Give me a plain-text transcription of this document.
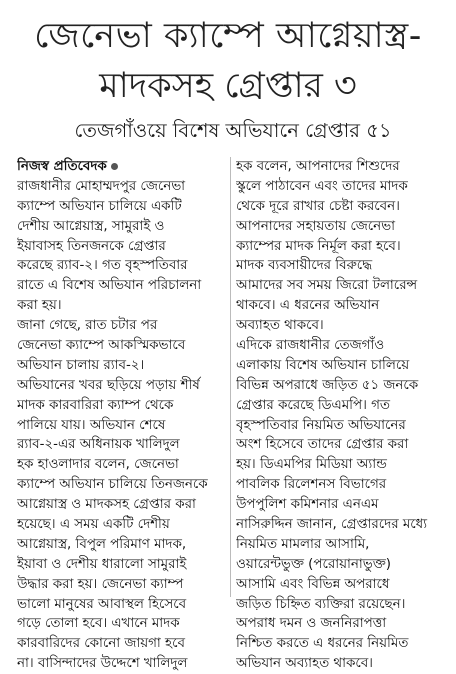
জেনেভা ক্যাম্পে আগ্নেয়াস্ত্র-
মাদকসহ গ্রেপ্তার ৩
তেজগাঁওয়ে বিশেষ অভিযানে গ্রেপ্তার ৫১
নিজস্ব প্রতিবেদক
রাজধানীর মোহাম্মদপুর জেনেভা
ক্যাম্পে অভিযান চালিয়ে একটি
দেশীয় আগ্নেয়াস্ত্র, সামুরাই ও
ইয়াবাসহ তিনজনকে গ্রেপ্তার
করেছে র‍্যাব-২। গত বৃহস্পতিবার
রাতে এ বিশেষ অভিযান পরিচালনা
করা হয়।
জানা গেছে, রাত চটার পর
জেনেভা ক্যাম্পে আকস্মিকভাবে
অভিযান চালায় র‍্যাব-২।
অভিযানের খবর ছড়িয়ে পড়ায় শীর্ষ
মাদক কারবারিরা ক্যাম্প থেকে
পালিয়ে যায়। অভিযান শেষে
র‍্যাব-২-এর অধিনায়ক খালিদুল
হক হাওলাদার বলেন, জেনেভা
ক্যাম্পে অভিযান চালিয়ে তিনজনকে
আগ্নেয়াস্ত্র ও মাদকসহ গ্রেপ্তার করা
হয়েছে। এ সময় একটি দেশীয়
আগ্নেয়াস্ত্র, বিপুল পরিমাণ মাদক,
ইয়াবা ও দেশীয় ধারালো সামুরাই
উদ্ধার করা হয়। জেনেভা ক্যাম্প
ভালো মানুষের আবাস্থল হিসেবে
গড়ে তোলা হবে। এখানে মাদক
কারবারিদের কোনো জায়গা হবে
না। বাসিন্দাদের উদ্দেশে খালিদুল
হক বলেন, আপনাদের শিশুদের
স্কুলে পাঠাবেন এবং তাদের মাদক
থেকে দূরে রাখার চেষ্টা করবেন।
আপনাদের সহায়তায় জেনেভা
ক্যাম্পের মাদক নির্মূল করা হবে।
মাদক ব্যবসায়ীদের বিরুদ্ধে
আমাদের সব সময় জিরো টলারেন্স
থাকবে। এ ধরনের অভিযান
অব্যাহত থাকবে।
এদিকে রাজধানীর তেজগাঁও
এলাকায় বিশেষ অভিযান চালিয়ে
বিভিন্ন অপরাধে জড়িত ৫১ জনকে
গ্রেপ্তার করেছে ডিএমপি। গত
বৃহস্পতিবার নিয়মিত অভিযানের
অংশ হিসেবে তাদের গ্রেপ্তার করা
হয়। ডিএমপির মিডিয়া অ্যান্ড
পাবলিক রিলেশনস বিভাগের
উপপুলিশ কমিশনার এনএম
নাসিরুদ্দিন জানান, গ্রেপ্তারদের মধ্যে
নিয়মিত মামলার আসামি,
ওয়ারেন্টভুক্ত (পরোয়ানাভুক্ত)
আসামি এবং বিভিন্ন অপরাধে
জড়িত চিহ্নিত ব্যক্তিরা রয়েছেন।
অপরাধ দমন ও জননিরাপত্তা
নিশ্চিত করতে এ ধরনের নিয়মিত
অভিযান অব্যাহত থাকবে।
